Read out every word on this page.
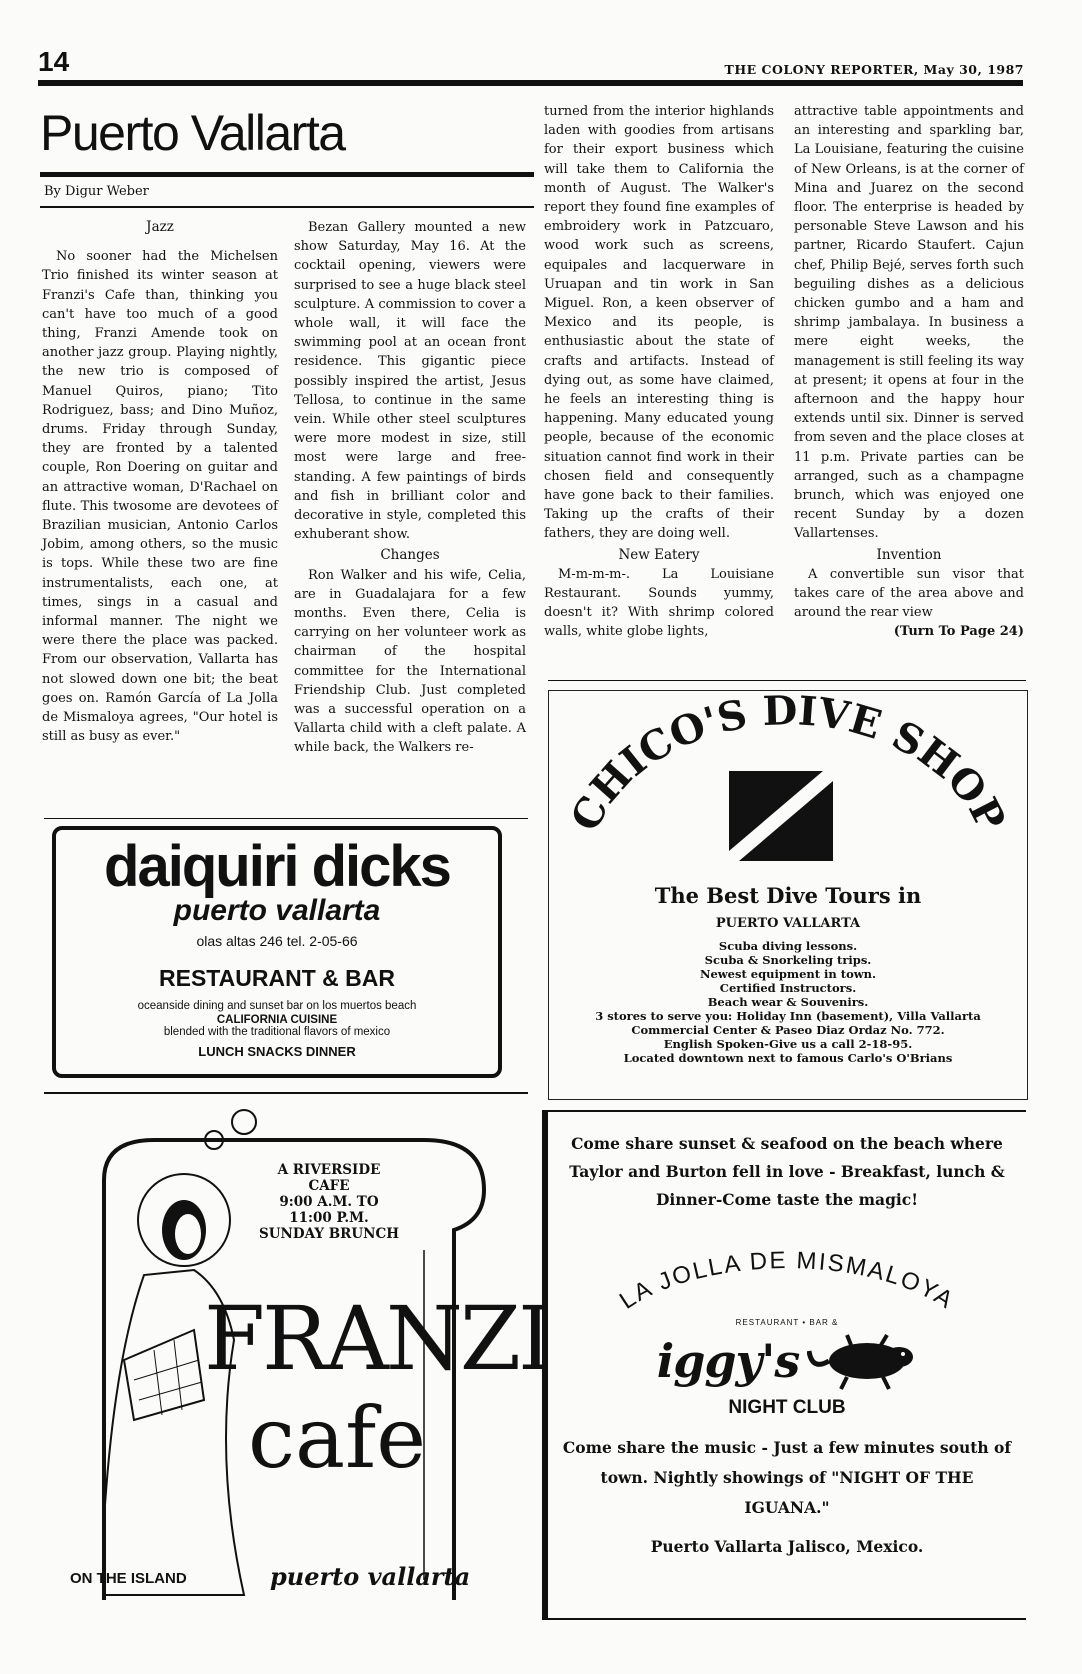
14	THE COLONY REPORTER, May 30, 1987
Puerto Vallarta
By Digur Weber

Jazz

No sooner had the Michelsen Trio finished its winter season at Franzi's Cafe than, thinking you can't have too much of a good thing, Franzi Amende took on another jazz group. Playing nightly, the new trio is composed of Manuel Quiros, piano; Tito Rodriguez, bass; and Dino Muñoz, drums. Friday through Sunday, they are fronted by a talented couple, Ron Doering on guitar and an attractive woman, D'Rachael on flute. This twosome are devotees of Brazilian musician, Antonio Carlos Jobim, among others, so the music is tops. While these two are fine instrumentalists, each one, at times, sings in a casual and informal manner. The night we were there the place was packed. From our observation, Vallarta has not slowed down one bit; the beat goes on. Ramón García of La Jolla de Mismaloya agrees, "Our hotel is still as busy as ever."

Bezan Gallery mounted a new show Saturday, May 16. At the cocktail opening, viewers were surprised to see a huge black steel sculpture. A commission to cover a whole wall, it will face the swimming pool at an ocean front residence. This gigantic piece possibly inspired the artist, Jesus Tellosa, to continue in the same vein. While other steel sculptures were more modest in size, still most were large and free-standing. A few paintings of birds and fish in brilliant color and decorative in style, completed this exhuberant show.

Changes

Ron Walker and his wife, Celia, are in Guadalajara for a few months. Even there, Celia is carrying on her volunteer work as chairman of the hospital committee for the International Friendship Club. Just completed was a successful operation on a Vallarta child with a cleft palate. A while back, the Walkers re-

turned from the interior highlands laden with goodies from artisans for their export business which will take them to California the month of August. The Walker's report they found fine examples of embroidery work in Patzcuaro, wood work such as screens, equipales and lacquerware in Uruapan and tin work in San Miguel. Ron, a keen observer of Mexico and its people, is enthusiastic about the state of crafts and artifacts. Instead of dying out, as some have claimed, he feels an interesting thing is happening. Many educated young people, because of the economic situation cannot find work in their chosen field and consequently have gone back to their families. Taking up the crafts of their fathers, they are doing well.

New Eatery

M-m-m-m-. La Louisiane Restaurant. Sounds yummy, doesn't it? With shrimp colored walls, white globe lights,

attractive table appointments and an interesting and sparkling bar, La Louisiane, featuring the cuisine of New Orleans, is at the corner of Mina and Juarez on the second floor. The enterprise is headed by personable Steve Lawson and his partner, Ricardo Staufert. Cajun chef, Philip Bejé, serves forth such beguiling dishes as a delicious chicken gumbo and a ham and shrimp jambalaya. In business a mere eight weeks, the management is still feeling its way at present; it opens at four in the afternoon and the happy hour extends until six. Dinner is served from seven and the place closes at 11 p.m. Private parties can be arranged, such as a champagne brunch, which was enjoyed one recent Sunday by a dozen Vallartenses.

Invention

A convertible sun visor that takes care of the area above and around the rear view

(Turn To Page 24)

daiquiri dicks
puerto vallarta
olas altas 246 tel. 2-05-66
RESTAURANT & BAR
oceanside dining and sunset bar on los muertos beach
CALIFORNIA CUISINE
blended with the traditional flavors of mexico
LUNCH SNACKS DINNER
CHICO'S DIVE SHOP
The Best Dive Tours in
PUERTO VALLARTA
Scuba diving lessons.
Scuba & Snorkeling trips.
Newest equipment in town.
Certified Instructors.
Beach wear & Souvenirs.
3 stores to serve you: Holiday Inn (basement), Villa Vallarta Commercial Center & Paseo Diaz Ordaz No. 772.
English Spoken-Give us a call 2-18-95.
Located downtown next to famous Carlo's O'Brians
A RIVERSIDE
CAFE
9:00 A.M. TO
11:00 P.M.
SUNDAY BRUNCH
FRANZI
cafe
ON THE ISLAND	puerto vallarta
Come share sunset & seafood on the beach where Taylor and Burton fell in love - Breakfast, lunch & Dinner-Come taste the magic!
LA JOLLA DE MISMALOYA
RESTAURANT • BAR &
iggy's
NIGHT CLUB
Come share the music - Just a few minutes south of town. Nightly showings of "NIGHT OF THE IGUANA."
Puerto Vallarta Jalisco, Mexico.
